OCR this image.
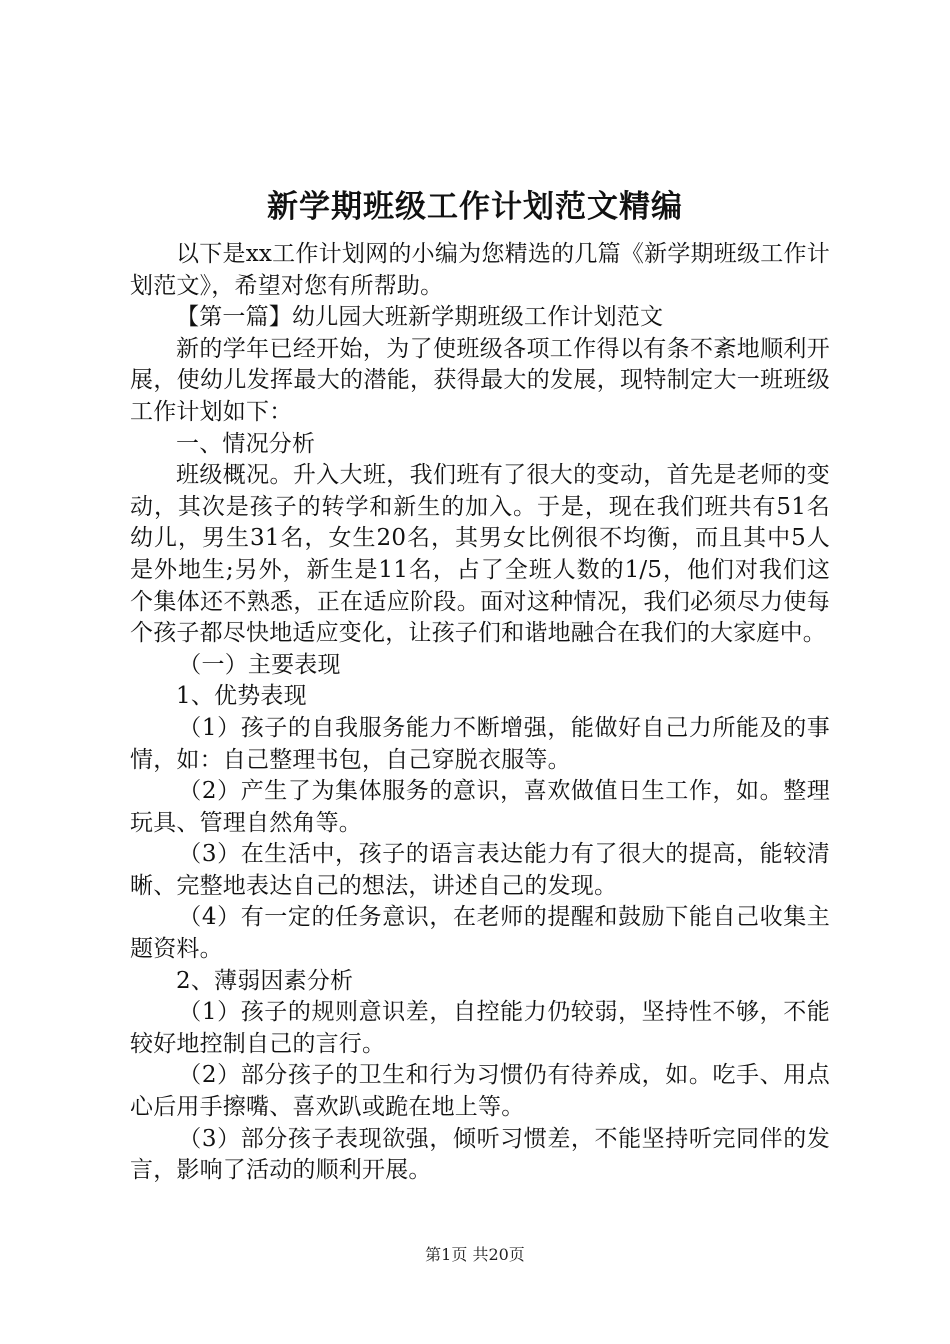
新学期班级工作计划范文精编

以下是xx工作计划网的小编为您精选的几篇《新学期班级工作计划范文》，希望对您有所帮助。

【第一篇】幼儿园大班新学期班级工作计划范文

新的学年已经开始，为了使班级各项工作得以有条不紊地顺利开展，使幼儿发挥最大的潜能，获得最大的发展，现特制定大一班班级工作计划如下：

一、情况分析

班级概况。升入大班，我们班有了很大的变动，首先是老师的变动，其次是孩子的转学和新生的加入。于是，现在我们班共有51名幼儿，男生31名，女生20名，其男女比例很不均衡，而且其中5人是外地生;另外，新生是11名，占了全班人数的1/5，他们对我们这个集体还不熟悉，正在适应阶段。面对这种情况，我们必须尽力使每个孩子都尽快地适应变化，让孩子们和谐地融合在我们的大家庭中。

（一）主要表现

1、优势表现

（1）孩子的自我服务能力不断增强，能做好自己力所能及的事情，如：自己整理书包，自己穿脱衣服等。

（2）产生了为集体服务的意识，喜欢做值日生工作，如。整理玩具、管理自然角等。

（3）在生活中，孩子的语言表达能力有了很大的提高，能较清晰、完整地表达自己的想法，讲述自己的发现。

（4）有一定的任务意识，在老师的提醒和鼓励下能自己收集主题资料。

2、薄弱因素分析

（1）孩子的规则意识差，自控能力仍较弱，坚持性不够，不能较好地控制自己的言行。

（2）部分孩子的卫生和行为习惯仍有待养成，如。吃手、用点心后用手擦嘴、喜欢趴或跪在地上等。

（3）部分孩子表现欲强，倾听习惯差，不能坚持听完同伴的发言，影响了活动的顺利开展。

第1页 共20页
